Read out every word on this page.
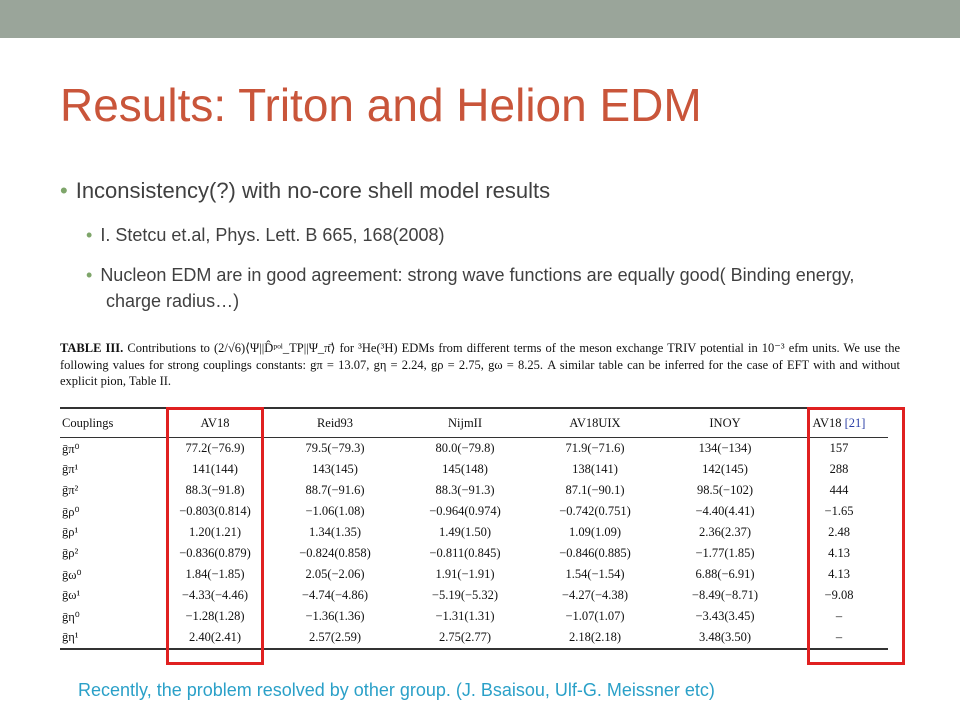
Results: Triton and Helion EDM
• Inconsistency(?) with no-core shell model results
• I. Stetcu et.al, Phys. Lett. B 665, 168(2008)
• Nucleon EDM are in good agreement: strong wave functions are equally good( Binding energy, charge radius…)
TABLE III. Contributions to (2/√6)⟨Ψ||D̂ᵖᵒˡ_TP||Ψ_π̄⟩ for ³He(³H) EDMs from different terms of the meson exchange TRIV potential in 10⁻³ efm units. We use the following values for strong couplings constants: gπ = 13.07, gη = 2.24, gρ = 2.75, gω = 8.25. A similar table can be inferred for the case of EFT with and without explicit pion, Table II.
Couplings	AV18	Reid93	NijmII	AV18UIX	INOY	AV18 [21]
ḡπ⁰	77.2(−76.9)	79.5(−79.3)	80.0(−79.8)	71.9(−71.6)	134(−134)	157
ḡπ¹	141(144)	143(145)	145(148)	138(141)	142(145)	288
ḡπ²	88.3(−91.8)	88.7(−91.6)	88.3(−91.3)	87.1(−90.1)	98.5(−102)	444
ḡρ⁰	−0.803(0.814)	−1.06(1.08)	−0.964(0.974)	−0.742(0.751)	−4.40(4.41)	−1.65
ḡρ¹	1.20(1.21)	1.34(1.35)	1.49(1.50)	1.09(1.09)	2.36(2.37)	2.48
ḡρ²	−0.836(0.879)	−0.824(0.858)	−0.811(0.845)	−0.846(0.885)	−1.77(1.85)	4.13
ḡω⁰	1.84(−1.85)	2.05(−2.06)	1.91(−1.91)	1.54(−1.54)	6.88(−6.91)	4.13
ḡω¹	−4.33(−4.46)	−4.74(−4.86)	−5.19(−5.32)	−4.27(−4.38)	−8.49(−8.71)	−9.08
ḡη⁰	−1.28(1.28)	−1.36(1.36)	−1.31(1.31)	−1.07(1.07)	−3.43(3.45)	–
ḡη¹	2.40(2.41)	2.57(2.59)	2.75(2.77)	2.18(2.18)	3.48(3.50)	–
Recently, the problem resolved by other group. (J. Bsaisou, Ulf-G. Meissner etc)
